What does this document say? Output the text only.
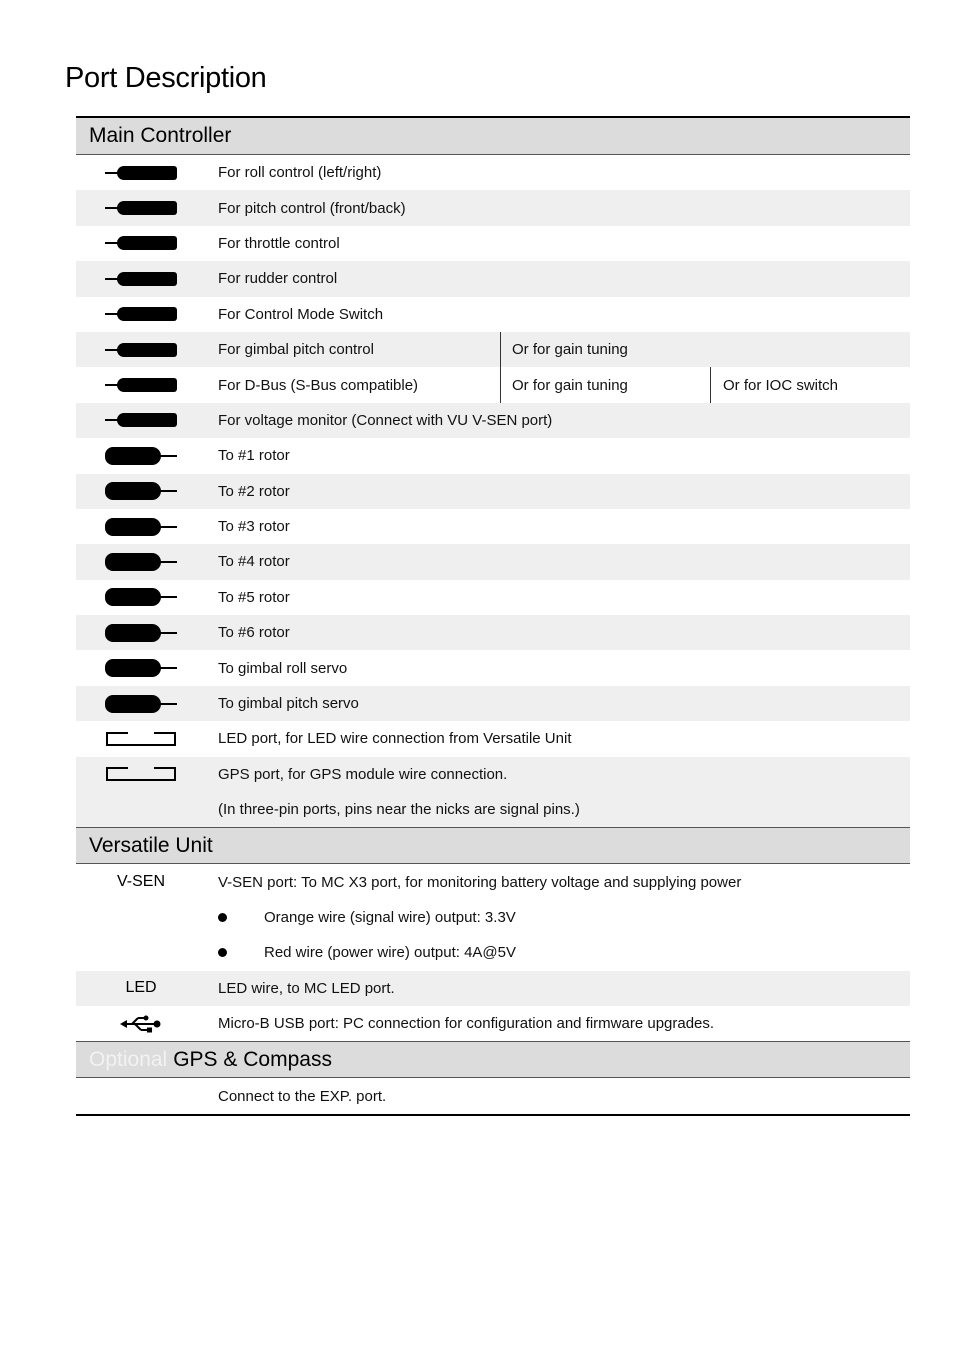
Port Description
Main Controller
For roll control (left/right)
For pitch control (front/back)
For throttle control
For rudder control
For Control Mode Switch
For gimbal pitch control	Or for gain tuning
For D-Bus (S-Bus compatible)	Or for gain tuning	Or for IOC switch
For voltage monitor (Connect with VU V-SEN port)
To #1 rotor
To #2 rotor
To #3 rotor
To #4 rotor
To #5 rotor
To #6 rotor
To gimbal roll servo
To gimbal pitch servo
LED port, for LED wire connection from Versatile Unit
GPS port, for GPS module wire connection.
(In three-pin ports, pins near the nicks are signal pins.)
Versatile Unit
V-SEN	V-SEN port: To MC X3 port, for monitoring battery voltage and supplying power
Orange wire (signal wire) output: 3.3V
Red wire (power wire) output: 4A@5V
LED	LED wire, to MC LED port.
Micro-B USB port: PC connection for configuration and firmware upgrades.
Optional GPS & Compass
Connect to the EXP. port.
